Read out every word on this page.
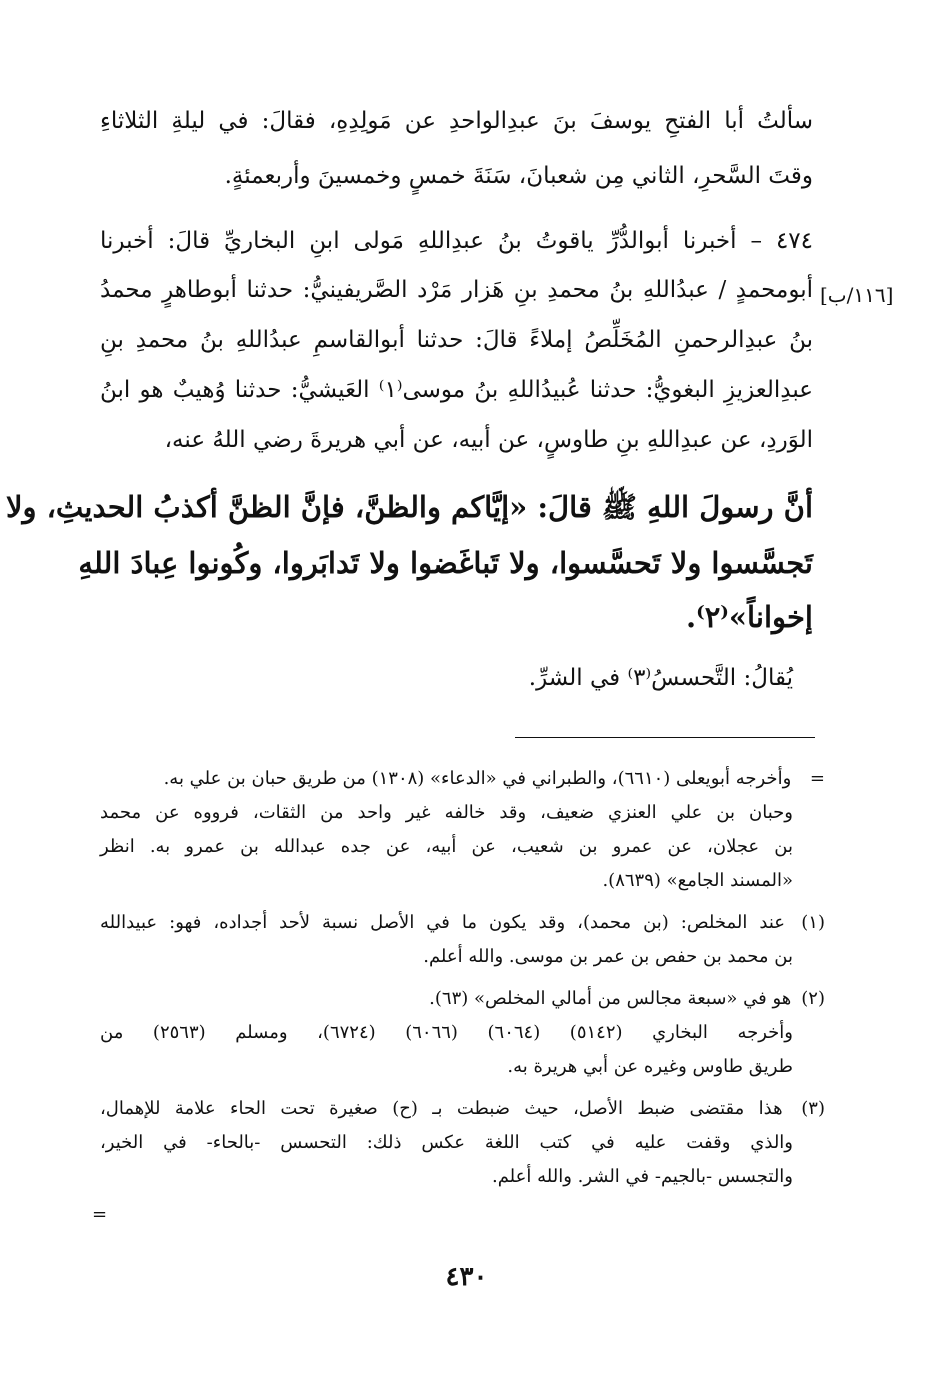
سألتُ أبا الفتحِ يوسفَ بنَ عبدِالواحدِ عن مَولِدِهِ، فقالَ: في ليلةِ الثلاثاءِ
وقتَ السَّحرِ، الثاني مِن شعبانَ، سَنَةَ خمسٍ وخمسينَ وأربعمئةٍ.
٤٧٤ – أخبرنا أبوالدُّرِّ ياقوتُ بنُ عبدِاللهِ مَولى ابنِ البخاريِّ قالَ: أخبرنا
أبومحمدٍ / عبدُاللهِ بنُ محمدِ بنِ هَزار مَرْد الصَّريفينيُّ: حدثنا أبوطاهرٍ محمدُ
بنُ عبدِالرحمنِ المُخَلِّصُ إملاءً قالَ: حدثنا أبوالقاسمِ عبدُاللهِ بنُ محمدِ بنِ
عبدِالعزيزِ البغويُّ: حدثنا عُبيدُاللهِ بنُ موسى⁽١⁾ العَيشيُّ: حدثنا وُهيبٌ هو ابنُ
الوَردِ، عن عبدِاللهِ بنِ طاوسٍ، عن أبيه، عن أبي هريرةَ رضي اللهُ عنه،
[١١٦/ب]
أنَّ رسولَ اللهِ ﷺ قالَ: «إيَّاكم والظنَّ، فإنَّ الظنَّ أكذبُ الحديثِ، ولا
تَجسَّسوا ولا تَحسَّسوا، ولا تَباغَضوا ولا تَدابَروا، وكُونوا عِبادَ اللهِ
إخواناً»⁽٢⁾.
يُقالُ: التَّحسسُ⁽٣⁾ في الشرِّ.
= وأخرجه أبويعلى (٦٦١٠)، والطبراني في «الدعاء» (١٣٠٨) من طريق حبان بن علي به.
وحبان بن علي العنزي ضعيف، وقد خالفه غير واحد من الثقات، فرووه عن محمد
بن عجلان، عن عمرو بن شعيب، عن أبيه، عن جده عبدالله بن عمرو به. انظر
«المسند الجامع» (٨٦٣٩).
(١) عند المخلص: (بن محمد)، وقد يكون ما في الأصل نسبة لأحد أجداده، فهو: عبيدالله
بن محمد بن حفص بن عمر بن موسى. والله أعلم.
(٢) هو في «سبعة مجالس من أمالي المخلص» (٦٣).
وأخرجه البخاري (٥١٤٢) (٦٠٦٤) (٦٠٦٦) (٦٧٢٤)، ومسلم (٢٥٦٣) من
طريق طاوس وغيره عن أبي هريرة به.
(٣) هذا مقتضى ضبط الأصل، حيث ضبطت بـ (ح) صغيرة تحت الحاء علامة للإهمال،
والذي وقفت عليه في كتب اللغة عكس ذلك: التحسس -بالحاء- في الخير،
والتجسس -بالجيم- في الشر. والله أعلم.
=
٤٣٠
